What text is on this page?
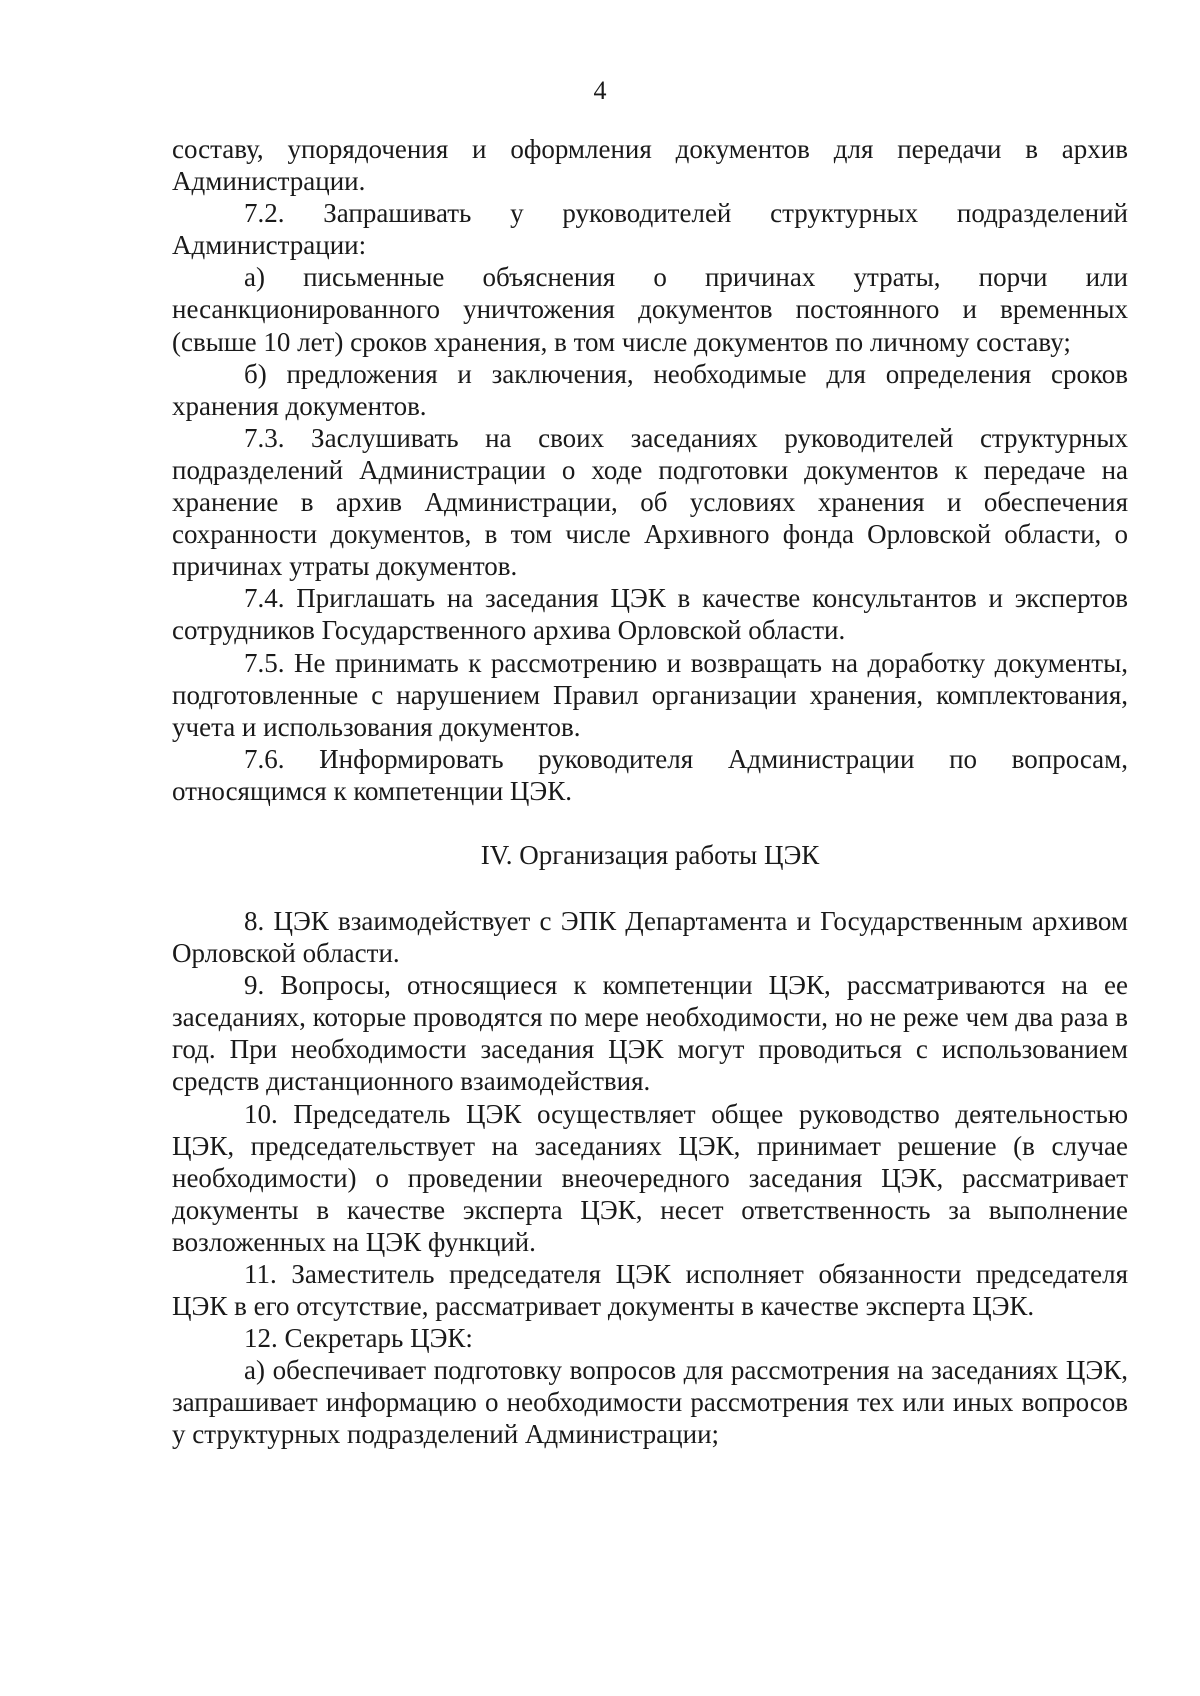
4

составу, упорядочения и оформления документов для передачи в архив Администрации.

7.2. Запрашивать у руководителей структурных подразделений Администрации:

а) письменные объяснения о причинах утраты, порчи или несанкционированного уничтожения документов постоянного и временных (свыше 10 лет) сроков хранения, в том числе документов по личному составу;

б) предложения и заключения, необходимые для определения сроков хранения документов.

7.3. Заслушивать на своих заседаниях руководителей структурных подразделений Администрации о ходе подготовки документов к передаче на хранение в архив Администрации, об условиях хранения и обеспечения сохранности документов, в том числе Архивного фонда Орловской области, о причинах утраты документов.

7.4. Приглашать на заседания ЦЭК в качестве консультантов и экспертов сотрудников Государственного архива Орловской области.

7.5. Не принимать к рассмотрению и возвращать на доработку документы, подготовленные с нарушением Правил организации хранения, комплектования, учета и использования документов.

7.6. Информировать руководителя Администрации по вопросам, относящимся к компетенции ЦЭК.

IV. Организация работы ЦЭК

8. ЦЭК взаимодействует с ЭПК Департамента и Государственным архивом Орловской области.

9. Вопросы, относящиеся к компетенции ЦЭК, рассматриваются на ее заседаниях, которые проводятся по мере необходимости, но не реже чем два раза в год. При необходимости заседания ЦЭК могут проводиться с использованием средств дистанционного взаимодействия.

10. Председатель ЦЭК осуществляет общее руководство деятельностью ЦЭК, председательствует на заседаниях ЦЭК, принимает решение (в случае необходимости) о проведении внеочередного заседания ЦЭК, рассматривает документы в качестве эксперта ЦЭК, несет ответственность за выполнение возложенных на ЦЭК функций.

11. Заместитель председателя ЦЭК исполняет обязанности председателя ЦЭК в его отсутствие, рассматривает документы в качестве эксперта ЦЭК.

12. Секретарь ЦЭК:

а) обеспечивает подготовку вопросов для рассмотрения на заседаниях ЦЭК, запрашивает информацию о необходимости рассмотрения тех или иных вопросов у структурных подразделений Администрации;
